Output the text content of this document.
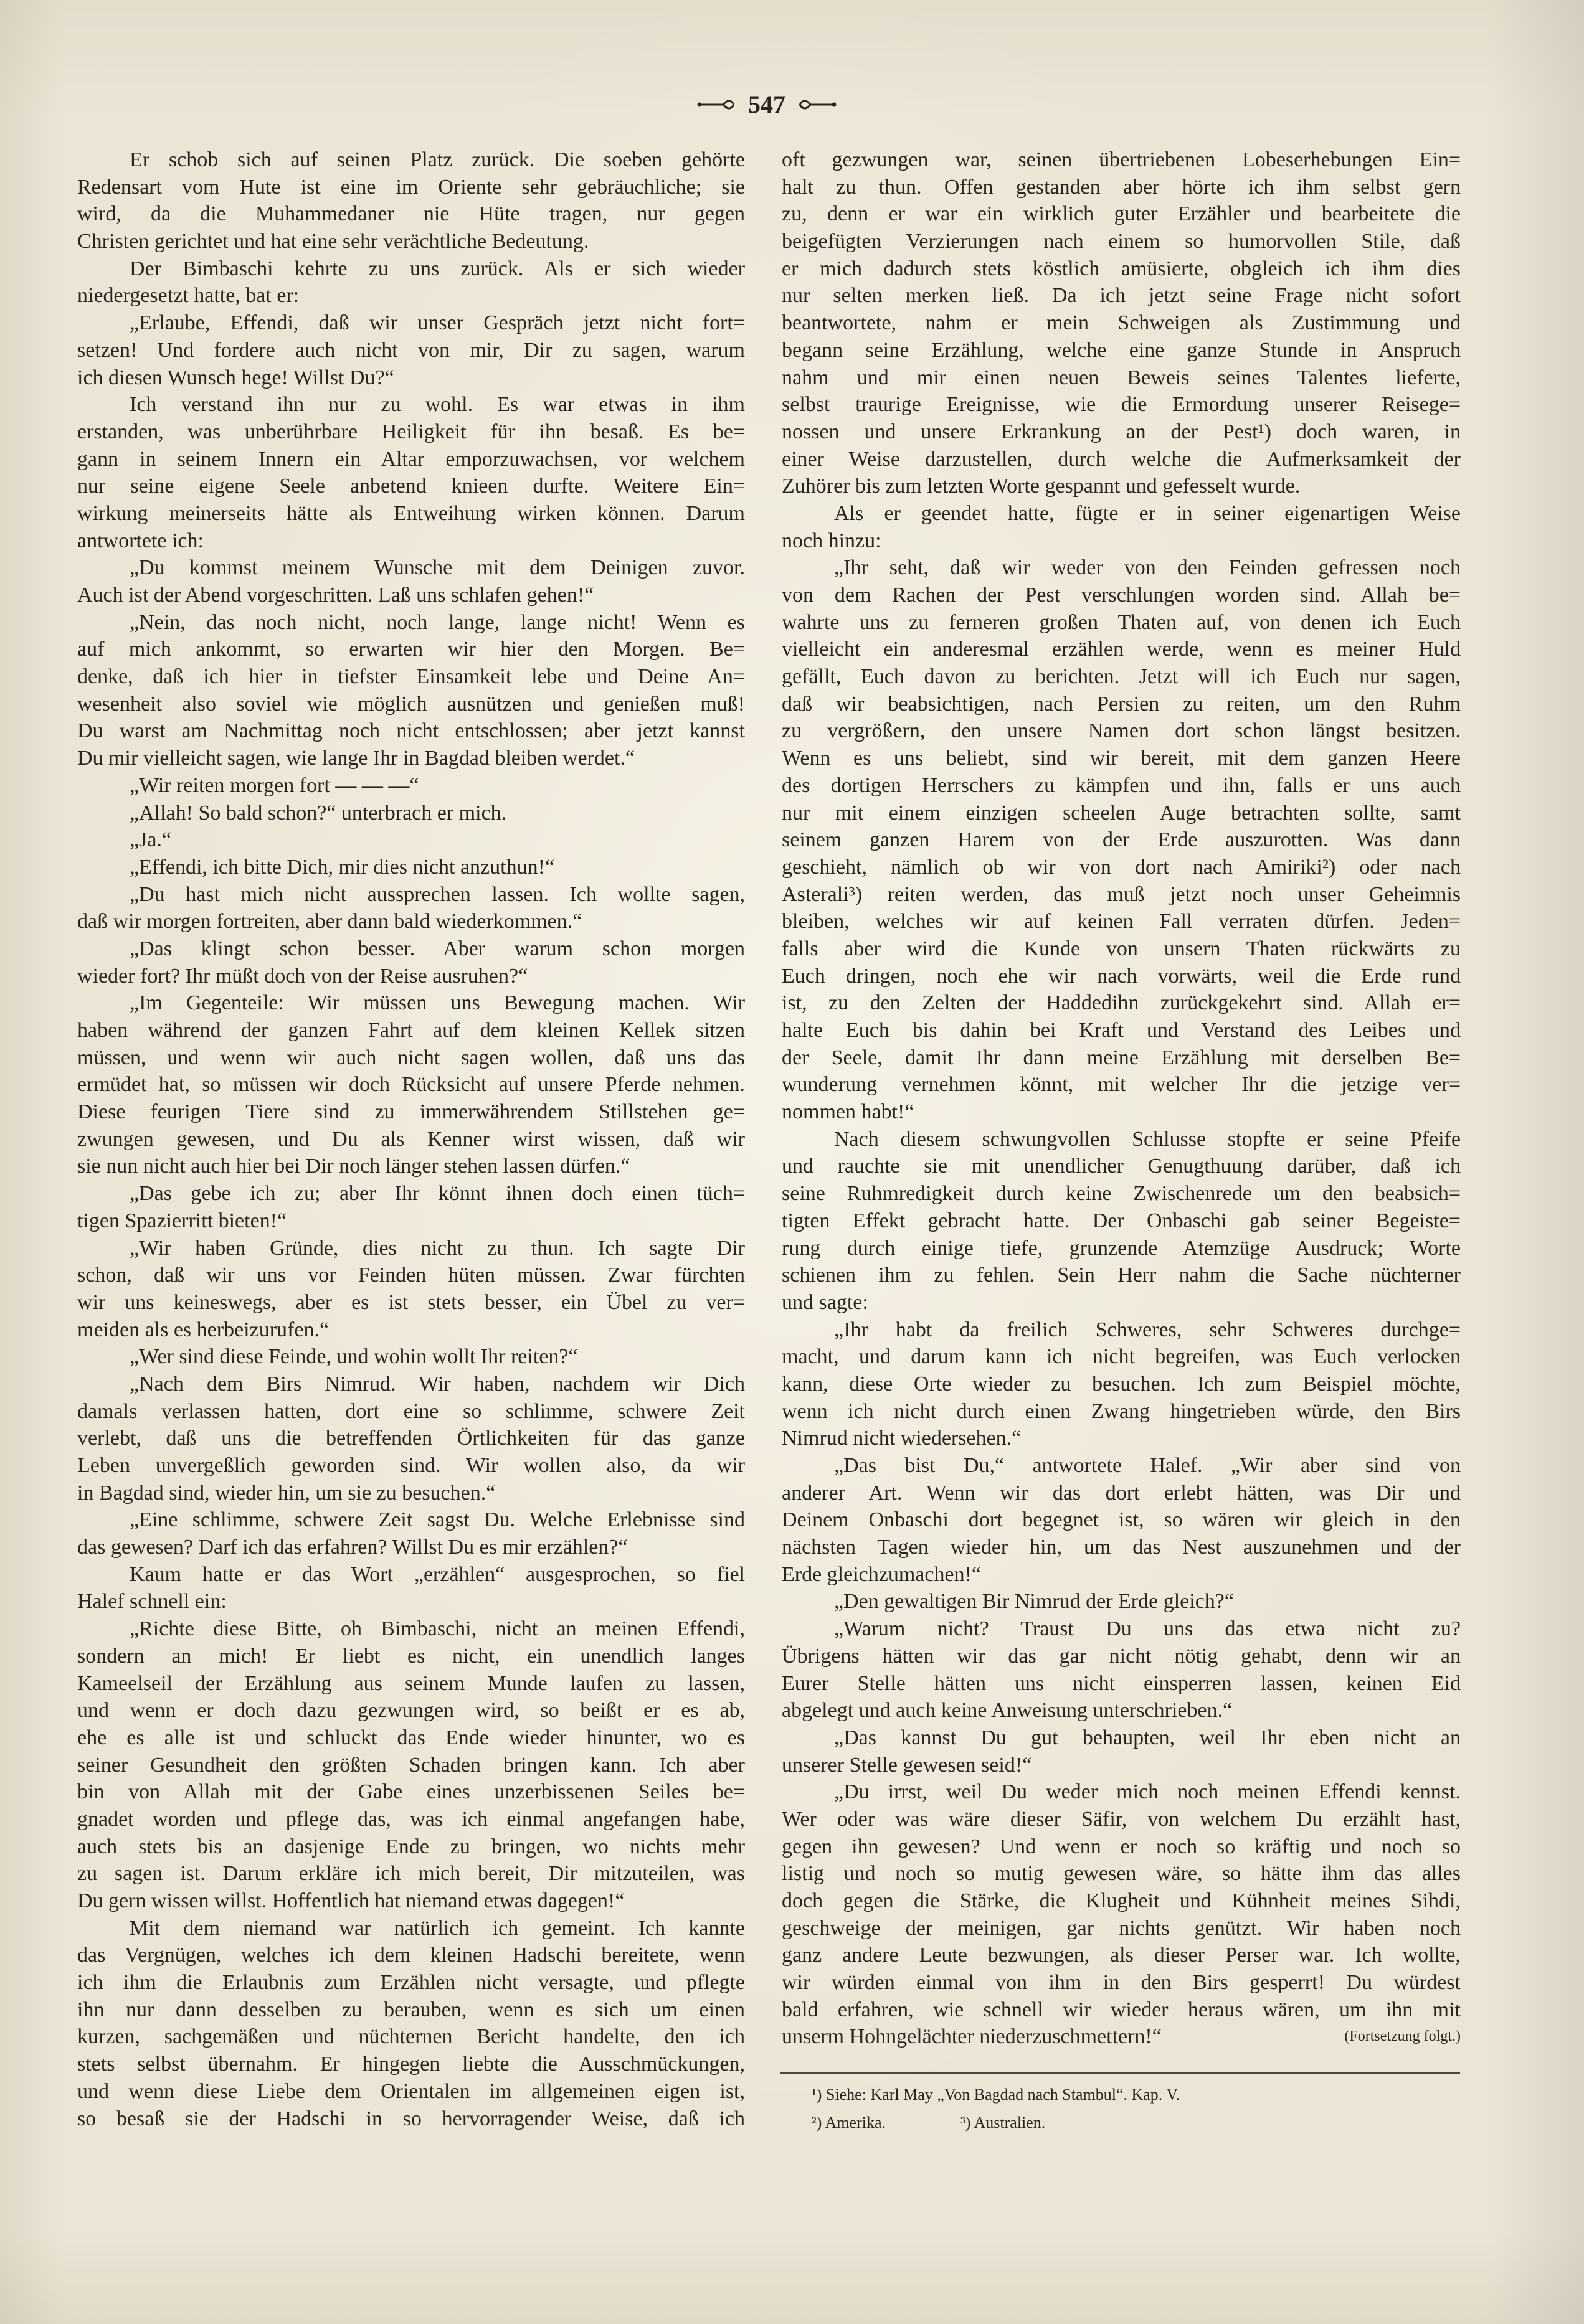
547
Er schob sich auf seinen Platz zurück. Die soeben gehörte
Redensart vom Hute ist eine im Oriente sehr gebräuchliche; sie
wird, da die Muhammedaner nie Hüte tragen, nur gegen
Christen gerichtet und hat eine sehr verächtliche Bedeutung.
Der Bimbaschi kehrte zu uns zurück. Als er sich wieder
niedergesetzt hatte, bat er:
„Erlaube, Effendi, daß wir unser Gespräch jetzt nicht fort=
setzen! Und fordere auch nicht von mir, Dir zu sagen, warum
ich diesen Wunsch hege! Willst Du?“
Ich verstand ihn nur zu wohl. Es war etwas in ihm
erstanden, was unberührbare Heiligkeit für ihn besaß. Es be=
gann in seinem Innern ein Altar emporzuwachsen, vor welchem
nur seine eigene Seele anbetend knieen durfte. Weitere Ein=
wirkung meinerseits hätte als Entweihung wirken können. Darum
antwortete ich:
„Du kommst meinem Wunsche mit dem Deinigen zuvor.
Auch ist der Abend vorgeschritten. Laß uns schlafen gehen!“
„Nein, das noch nicht, noch lange, lange nicht! Wenn es
auf mich ankommt, so erwarten wir hier den Morgen. Be=
denke, daß ich hier in tiefster Einsamkeit lebe und Deine An=
wesenheit also soviel wie möglich ausnützen und genießen muß!
Du warst am Nachmittag noch nicht entschlossen; aber jetzt kannst
Du mir vielleicht sagen, wie lange Ihr in Bagdad bleiben werdet.“
„Wir reiten morgen fort — — —“
„Allah! So bald schon?“ unterbrach er mich.
„Ja.“
„Effendi, ich bitte Dich, mir dies nicht anzuthun!“
„Du hast mich nicht aussprechen lassen. Ich wollte sagen,
daß wir morgen fortreiten, aber dann bald wiederkommen.“
„Das klingt schon besser. Aber warum schon morgen
wieder fort? Ihr müßt doch von der Reise ausruhen?“
„Im Gegenteile: Wir müssen uns Bewegung machen. Wir
haben während der ganzen Fahrt auf dem kleinen Kellek sitzen
müssen, und wenn wir auch nicht sagen wollen, daß uns das
ermüdet hat, so müssen wir doch Rücksicht auf unsere Pferde nehmen.
Diese feurigen Tiere sind zu immerwährendem Stillstehen ge=
zwungen gewesen, und Du als Kenner wirst wissen, daß wir
sie nun nicht auch hier bei Dir noch länger stehen lassen dürfen.“
„Das gebe ich zu; aber Ihr könnt ihnen doch einen tüch=
tigen Spazierritt bieten!“
„Wir haben Gründe, dies nicht zu thun. Ich sagte Dir
schon, daß wir uns vor Feinden hüten müssen. Zwar fürchten
wir uns keineswegs, aber es ist stets besser, ein Übel zu ver=
meiden als es herbeizurufen.“
„Wer sind diese Feinde, und wohin wollt Ihr reiten?“
„Nach dem Birs Nimrud. Wir haben, nachdem wir Dich
damals verlassen hatten, dort eine so schlimme, schwere Zeit
verlebt, daß uns die betreffenden Örtlichkeiten für das ganze
Leben unvergeßlich geworden sind. Wir wollen also, da wir
in Bagdad sind, wieder hin, um sie zu besuchen.“
„Eine schlimme, schwere Zeit sagst Du. Welche Erlebnisse sind
das gewesen? Darf ich das erfahren? Willst Du es mir erzählen?“
Kaum hatte er das Wort „erzählen“ ausgesprochen, so fiel
Halef schnell ein:
„Richte diese Bitte, oh Bimbaschi, nicht an meinen Effendi,
sondern an mich! Er liebt es nicht, ein unendlich langes
Kameelseil der Erzählung aus seinem Munde laufen zu lassen,
und wenn er doch dazu gezwungen wird, so beißt er es ab,
ehe es alle ist und schluckt das Ende wieder hinunter, wo es
seiner Gesundheit den größten Schaden bringen kann. Ich aber
bin von Allah mit der Gabe eines unzerbissenen Seiles be=
gnadet worden und pflege das, was ich einmal angefangen habe,
auch stets bis an dasjenige Ende zu bringen, wo nichts mehr
zu sagen ist. Darum erkläre ich mich bereit, Dir mitzuteilen, was
Du gern wissen willst. Hoffentlich hat niemand etwas dagegen!“
Mit dem niemand war natürlich ich gemeint. Ich kannte
das Vergnügen, welches ich dem kleinen Hadschi bereitete, wenn
ich ihm die Erlaubnis zum Erzählen nicht versagte, und pflegte
ihn nur dann desselben zu berauben, wenn es sich um einen
kurzen, sachgemäßen und nüchternen Bericht handelte, den ich
stets selbst übernahm. Er hingegen liebte die Ausschmückungen,
und wenn diese Liebe dem Orientalen im allgemeinen eigen ist,
so besaß sie der Hadschi in so hervorragender Weise, daß ich
oft gezwungen war, seinen übertriebenen Lobeserhebungen Ein=
halt zu thun. Offen gestanden aber hörte ich ihm selbst gern
zu, denn er war ein wirklich guter Erzähler und bearbeitete die
beigefügten Verzierungen nach einem so humorvollen Stile, daß
er mich dadurch stets köstlich amüsierte, obgleich ich ihm dies
nur selten merken ließ. Da ich jetzt seine Frage nicht sofort
beantwortete, nahm er mein Schweigen als Zustimmung und
begann seine Erzählung, welche eine ganze Stunde in Anspruch
nahm und mir einen neuen Beweis seines Talentes lieferte,
selbst traurige Ereignisse, wie die Ermordung unserer Reisege=
nossen und unsere Erkrankung an der Pest¹) doch waren, in
einer Weise darzustellen, durch welche die Aufmerksamkeit der
Zuhörer bis zum letzten Worte gespannt und gefesselt wurde.
Als er geendet hatte, fügte er in seiner eigenartigen Weise
noch hinzu:
„Ihr seht, daß wir weder von den Feinden gefressen noch
von dem Rachen der Pest verschlungen worden sind. Allah be=
wahrte uns zu ferneren großen Thaten auf, von denen ich Euch
vielleicht ein anderesmal erzählen werde, wenn es meiner Huld
gefällt, Euch davon zu berichten. Jetzt will ich Euch nur sagen,
daß wir beabsichtigen, nach Persien zu reiten, um den Ruhm
zu vergrößern, den unsere Namen dort schon längst besitzen.
Wenn es uns beliebt, sind wir bereit, mit dem ganzen Heere
des dortigen Herrschers zu kämpfen und ihn, falls er uns auch
nur mit einem einzigen scheelen Auge betrachten sollte, samt
seinem ganzen Harem von der Erde auszurotten. Was dann
geschieht, nämlich ob wir von dort nach Amiriki²) oder nach
Asterali³) reiten werden, das muß jetzt noch unser Geheimnis
bleiben, welches wir auf keinen Fall verraten dürfen. Jeden=
falls aber wird die Kunde von unsern Thaten rückwärts zu
Euch dringen, noch ehe wir nach vorwärts, weil die Erde rund
ist, zu den Zelten der Haddedihn zurückgekehrt sind. Allah er=
halte Euch bis dahin bei Kraft und Verstand des Leibes und
der Seele, damit Ihr dann meine Erzählung mit derselben Be=
wunderung vernehmen könnt, mit welcher Ihr die jetzige ver=
nommen habt!“
Nach diesem schwungvollen Schlusse stopfte er seine Pfeife
und rauchte sie mit unendlicher Genugthuung darüber, daß ich
seine Ruhmredigkeit durch keine Zwischenrede um den beabsich=
tigten Effekt gebracht hatte. Der Onbaschi gab seiner Begeiste=
rung durch einige tiefe, grunzende Atemzüge Ausdruck; Worte
schienen ihm zu fehlen. Sein Herr nahm die Sache nüchterner
und sagte:
„Ihr habt da freilich Schweres, sehr Schweres durchge=
macht, und darum kann ich nicht begreifen, was Euch verlocken
kann, diese Orte wieder zu besuchen. Ich zum Beispiel möchte,
wenn ich nicht durch einen Zwang hingetrieben würde, den Birs
Nimrud nicht wiedersehen.“
„Das bist Du,“ antwortete Halef. „Wir aber sind von
anderer Art. Wenn wir das dort erlebt hätten, was Dir und
Deinem Onbaschi dort begegnet ist, so wären wir gleich in den
nächsten Tagen wieder hin, um das Nest auszunehmen und der
Erde gleichzumachen!“
„Den gewaltigen Bir Nimrud der Erde gleich?“
„Warum nicht? Traust Du uns das etwa nicht zu?
Übrigens hätten wir das gar nicht nötig gehabt, denn wir an
Eurer Stelle hätten uns nicht einsperren lassen, keinen Eid
abgelegt und auch keine Anweisung unterschrieben.“
„Das kannst Du gut behaupten, weil Ihr eben nicht an
unserer Stelle gewesen seid!“
„Du irrst, weil Du weder mich noch meinen Effendi kennst.
Wer oder was wäre dieser Säfir, von welchem Du erzählt hast,
gegen ihn gewesen? Und wenn er noch so kräftig und noch so
listig und noch so mutig gewesen wäre, so hätte ihm das alles
doch gegen die Stärke, die Klugheit und Kühnheit meines Sihdi,
geschweige der meinigen, gar nichts genützt. Wir haben noch
ganz andere Leute bezwungen, als dieser Perser war. Ich wollte,
wir würden einmal von ihm in den Birs gesperrt! Du würdest
bald erfahren, wie schnell wir wieder heraus wären, um ihn mit
(Fortsetzung folgt.)
unserm Hohngelächter niederzuschmettern!“
¹) Siehe: Karl May „Von Bagdad nach Stambul“. Kap. V.
²) Amerika.	³) Australien.
